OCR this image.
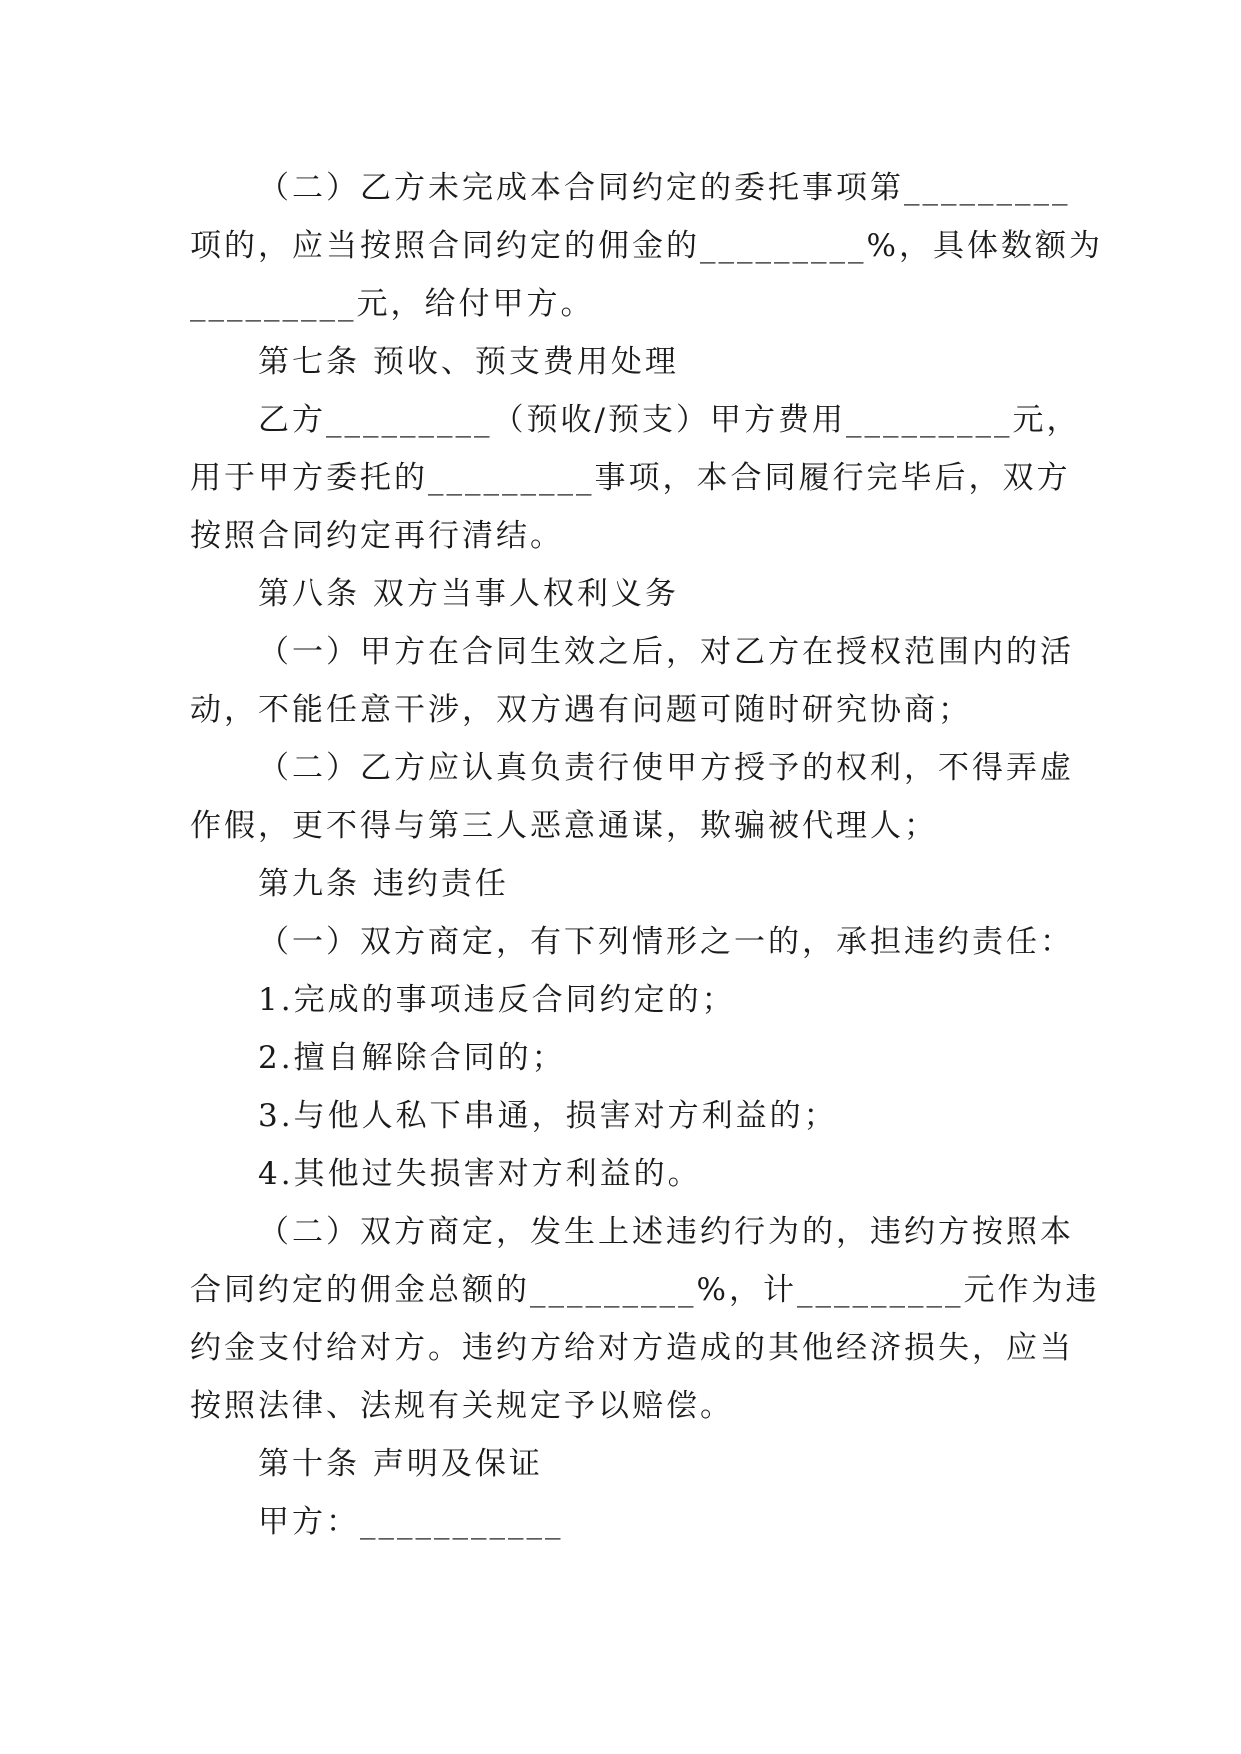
（二）乙方未完成本合同约定的委托事项第_________
项的，应当按照合同约定的佣金的_________%，具体数额为
_________元，给付甲方。
第七条 预收、预支费用处理
乙方_________（预收/预支）甲方费用_________元，
用于甲方委托的_________事项，本合同履行完毕后，双方
按照合同约定再行清结。
第八条 双方当事人权利义务
（一）甲方在合同生效之后，对乙方在授权范围内的活
动，不能任意干涉，双方遇有问题可随时研究协商；
（二）乙方应认真负责行使甲方授予的权利，不得弄虚
作假，更不得与第三人恶意通谋，欺骗被代理人；
第九条 违约责任
（一）双方商定，有下列情形之一的，承担违约责任：
1.完成的事项违反合同约定的；
2.擅自解除合同的；
3.与他人私下串通，损害对方利益的；
4.其他过失损害对方利益的。
（二）双方商定，发生上述违约行为的，违约方按照本
合同约定的佣金总额的_________%，计_________元作为违
约金支付给对方。违约方给对方造成的其他经济损失，应当
按照法律、法规有关规定予以赔偿。
第十条 声明及保证
甲方：___________
